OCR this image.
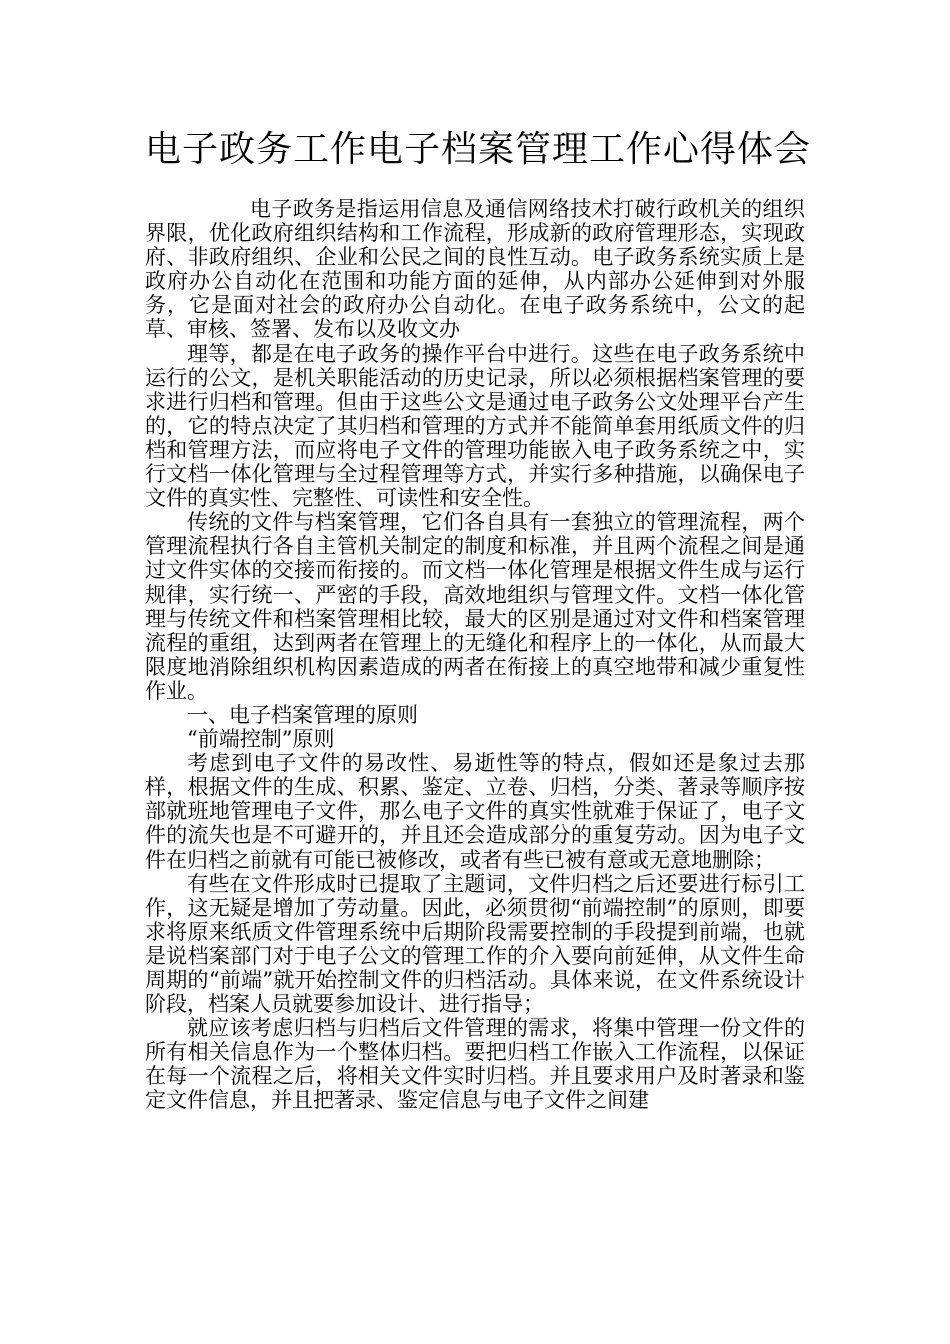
电子政务工作电子档案管理工作心得体会

电子政务是指运用信息及通信网络技术打破行政机关的组织界限，优化政府组织结构和工作流程，形成新的政府管理形态，实现政府、非政府组织、企业和公民之间的良性互动。电子政务系统实质上是政府办公自动化在范围和功能方面的延伸，从内部办公延伸到对外服务，它是面对社会的政府办公自动化。在电子政务系统中，公文的起草、审核、签署、发布以及收文办

理等，都是在电子政务的操作平台中进行。这些在电子政务系统中运行的公文，是机关职能活动的历史记录，所以必须根据档案管理的要求进行归档和管理。但由于这些公文是通过电子政务公文处理平台产生的，它的特点决定了其归档和管理的方式并不能简单套用纸质文件的归档和管理方法，而应将电子文件的管理功能嵌入电子政务系统之中，实行文档一体化管理与全过程管理等方式，并实行多种措施，以确保电子文件的真实性、完整性、可读性和安全性。

传统的文件与档案管理，它们各自具有一套独立的管理流程，两个管理流程执行各自主管机关制定的制度和标准，并且两个流程之间是通过文件实体的交接而衔接的。而文档一体化管理是根据文件生成与运行规律，实行统一、严密的手段，高效地组织与管理文件。文档一体化管理与传统文件和档案管理相比较，最大的区别是通过对文件和档案管理流程的重组，达到两者在管理上的无缝化和程序上的一体化，从而最大限度地消除组织机构因素造成的两者在衔接上的真空地带和减少重复性作业。

一、电子档案管理的原则

“前端控制”原则

考虑到电子文件的易改性、易逝性等的特点，假如还是象过去那样，根据文件的生成、积累、鉴定、立卷、归档，分类、著录等顺序按部就班地管理电子文件，那么电子文件的真实性就难于保证了，电子文件的流失也是不可避开的，并且还会造成部分的重复劳动。因为电子文件在归档之前就有可能已被修改，或者有些已被有意或无意地删除；

有些在文件形成时已提取了主题词，文件归档之后还要进行标引工作，这无疑是增加了劳动量。因此，必须贯彻“前端控制”的原则，即要求将原来纸质文件管理系统中后期阶段需要控制的手段提到前端，也就是说档案部门对于电子公文的管理工作的介入要向前延伸，从文件生命周期的“前端”就开始控制文件的归档活动。具体来说，在文件系统设计阶段，档案人员就要参加设计、进行指导；

就应该考虑归档与归档后文件管理的需求，将集中管理一份文件的所有相关信息作为一个整体归档。要把归档工作嵌入工作流程，以保证在每一个流程之后，将相关文件实时归档。并且要求用户及时著录和鉴定文件信息，并且把著录、鉴定信息与电子文件之间建
